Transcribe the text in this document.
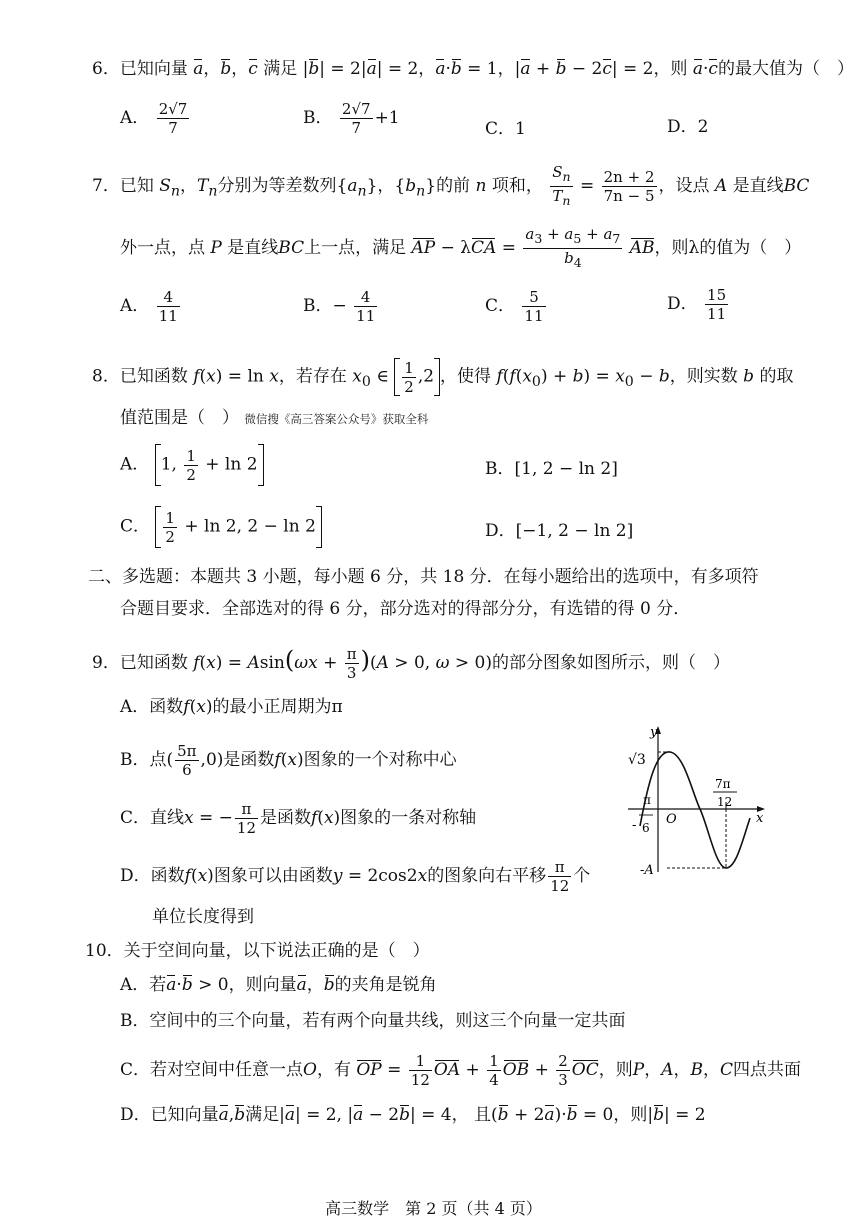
6．已知向量 a，b，c 满足 |b| = 2|a| = 2，a·b = 1，|a + b − 2c| = 2，则 a·c的最大值为（　）
A． $\frac{2√7}{7}$	B． $\frac{2√7}{7} +1$
C．1	D．2
7．已知 $S_n$，$T_n$分别为等差数列$\{a_n\}$，$\{b_n\}$的前 n 项和， $\frac{S_n}{T_n} = \frac{2n + 2}{7n - 5}$ ，设点 A 是直线BC
外一点，点 P 是直线BC上一点，满足 AP − $\lambda CA = \frac{a_3 + a_5 + a_7}{b_4}$ AB，则λ的值为（　）
A． $\frac{4}{11}$	B．− $\frac{4}{11}$	C． $\frac{5}{11}$	D． $\frac{15}{11}$
8．已知函数 f(x) = ln x，若存在 $x_0$ ∈ $\frac{1}{2} ,2$ ，使得 $f(f(x_0) + b) = x_0 - b$，则实数 b 的取
值范围是（　） 微信搜《高三答案公众号》获取全科
A． 1, $\frac{1}{2} + \ln 2$	B．[1, 2 − ln 2]
C． $\frac{1}{2} + \ln 2$, 2 − ln 2	D．[−1, 2 − ln 2]
二、多选题：本题共 3 小题，每小题 6 分，共 18 分．在每小题给出的选项中，有多项符
合题目要求．全部选对的得 6 分，部分选对的得部分分，有选错的得 0 分．
9．已知函数 $f(x) = Asin(\omega x + \frac{\pi}{3} )(A > 0$, ω > 0)的部分图象如图所示，则（　）
A．函数f(x)的最小正周期为π
B．点( $\frac{5\pi}{6} ,0$)是函数f(x)图象的一个对称中心
C．直线x = − $\frac{\pi}{12}$ 是函数f(x)图象的一条对称轴
D．函数f(x)图象可以由函数y = 2cos2x的图象向右平移 $\frac{\pi}{12}$ 个
单位长度得到
y
x
O
√3
-A
-
π
6
7π
12
10．关于空间向量，以下说法正确的是（　）
A．若a·b > 0，则向量a，b的夹角是锐角
B．空间中的三个向量，若有两个向量共线，则这三个向量一定共面
C．若对空间中任意一点O，有 OP = $\frac{1}{12}$ OA + $\frac{1}{4}$ OB + $\frac{2}{3}$ OC，则P，A，B，C四点共面
D．已知向量a,b满足|a| = 2, |a − 2b| = 4， 且(b + 2a)·b = 0，则|b| = 2
高三数学　第 2 页（共 4 页）
